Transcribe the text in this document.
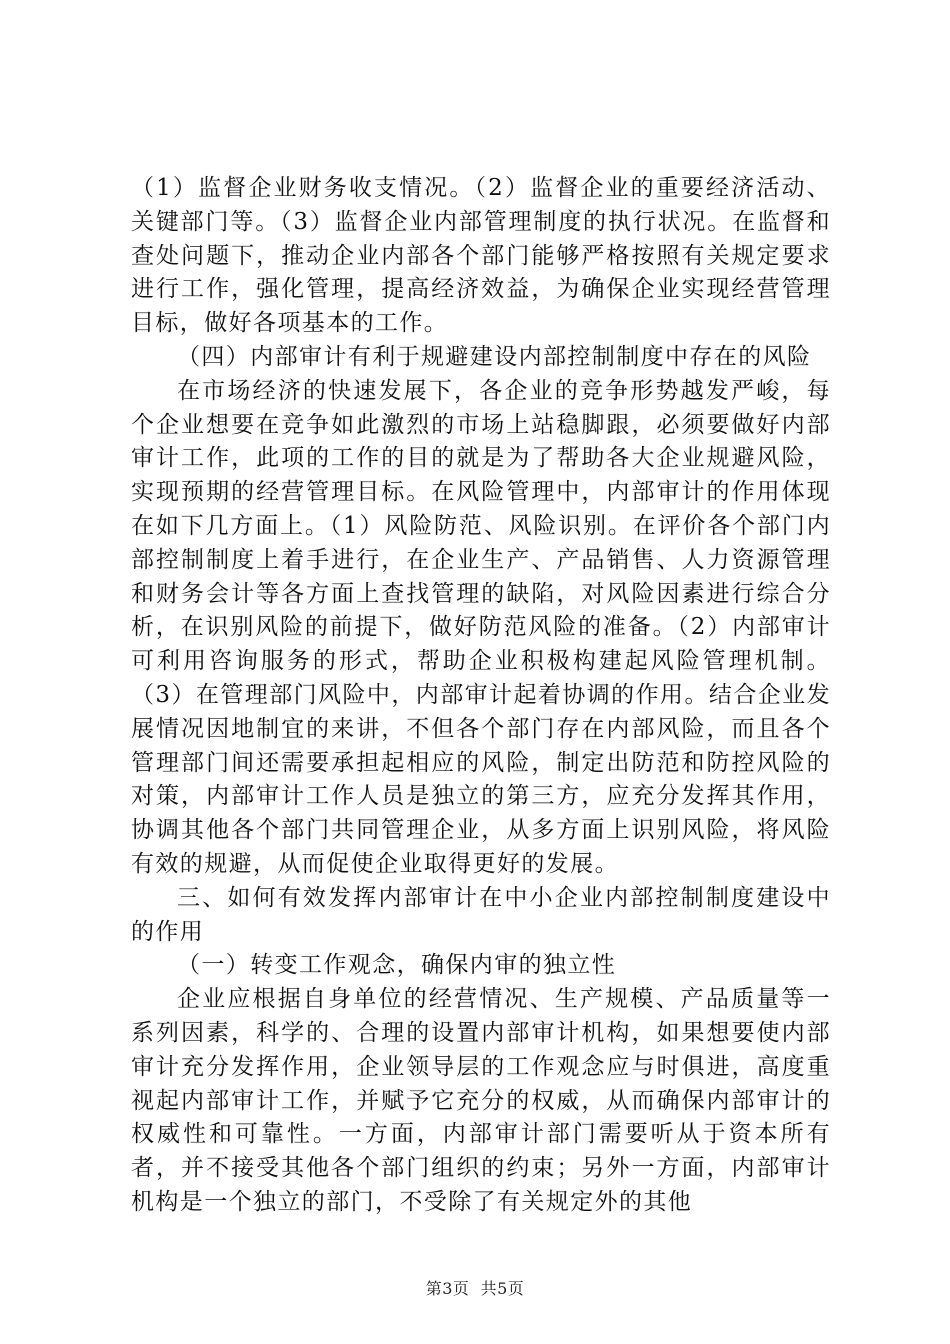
（1）监督企业财务收支情况。（2）监督企业的重要经济活动、关键部门等。（3）监督企业内部管理制度的执行状况。在监督和查处问题下，推动企业内部各个部门能够严格按照有关规定要求进行工作，强化管理，提高经济效益，为确保企业实现经营管理目标，做好各项基本的工作。

（四）内部审计有利于规避建设内部控制制度中存在的风险

在市场经济的快速发展下，各企业的竞争形势越发严峻，每个企业想要在竞争如此激烈的市场上站稳脚跟，必须要做好内部审计工作，此项的工作的目的就是为了帮助各大企业规避风险，实现预期的经营管理目标。在风险管理中，内部审计的作用体现在如下几方面上。（1）风险防范、风险识别。在评价各个部门内部控制制度上着手进行，在企业生产、产品销售、人力资源管理和财务会计等各方面上查找管理的缺陷，对风险因素进行综合分析，在识别风险的前提下，做好防范风险的准备。（2）内部审计可利用咨询服务的形式，帮助企业积极构建起风险管理机制。（3）在管理部门风险中，内部审计起着协调的作用。结合企业发展情况因地制宜的来讲，不但各个部门存在内部风险，而且各个管理部门间还需要承担起相应的风险，制定出防范和防控风险的对策，内部审计工作人员是独立的第三方，应充分发挥其作用，协调其他各个部门共同管理企业，从多方面上识别风险，将风险有效的规避，从而促使企业取得更好的发展。

三、如何有效发挥内部审计在中小企业内部控制制度建设中的作用

（一）转变工作观念，确保内审的独立性

企业应根据自身单位的经营情况、生产规模、产品质量等一系列因素，科学的、合理的设置内部审计机构，如果想要使内部审计充分发挥作用，企业领导层的工作观念应与时俱进，高度重视起内部审计工作，并赋予它充分的权威，从而确保内部审计的权威性和可靠性。一方面，内部审计部门需要听从于资本所有者，并不接受其他各个部门组织的约束；另外一方面，内部审计机构是一个独立的部门，不受除了有关规定外的其他

第3页  共5页
